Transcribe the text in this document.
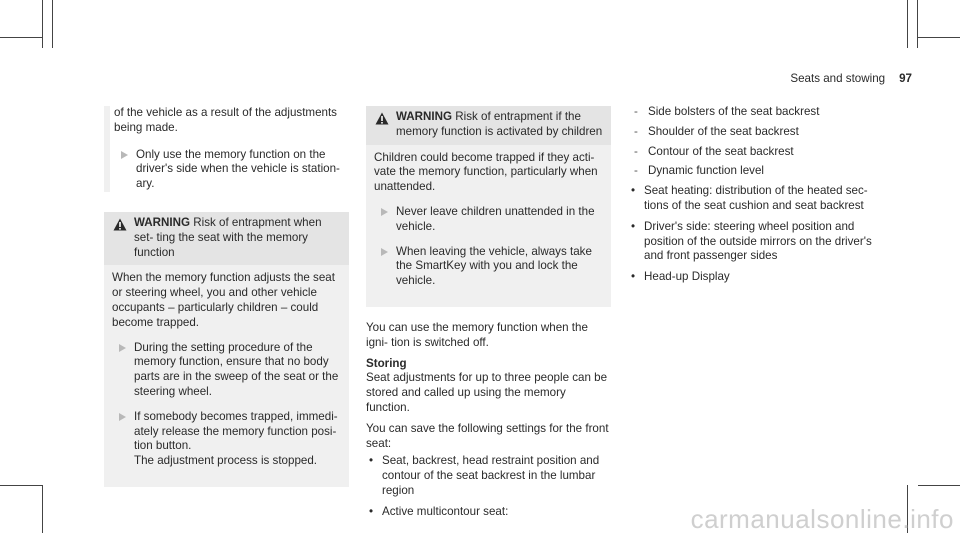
Seats and stowing 97

of the vehicle as a result of the adjustments being made.

Only use the memory function on the driver's side when the vehicle is station- ary.

WARNING Risk of entrapment when set- ting the seat with the memory function

When the memory function adjusts the seat or steering wheel, you and other vehicle occupants – particularly children – could become trapped.

During the setting procedure of the memory function, ensure that no body parts are in the sweep of the seat or the steering wheel.

If somebody becomes trapped, immedi- ately release the memory function posi- tion button.

The adjustment process is stopped.

WARNING Risk of entrapment if the memory function is activated by children

Children could become trapped if they acti- vate the memory function, particularly when unattended.

Never leave children unattended in the vehicle.

When leaving the vehicle, always take the SmartKey with you and lock the vehicle.

You can use the memory function when the igni- tion is switched off.

Storing

Seat adjustments for up to three people can be stored and called up using the memory function.

You can save the following settings for the front seat:

• Seat, backrest, head restraint position and contour of the seat backrest in the lumbar region

• Active multicontour seat:

- Side bolsters of the seat backrest

- Shoulder of the seat backrest

- Contour of the seat backrest

- Dynamic function level

• Seat heating: distribution of the heated sec- tions of the seat cushion and seat backrest

• Driver's side: steering wheel position and position of the outside mirrors on the driver's and front passenger sides

• Head-up Display

carmanualsonline.info
